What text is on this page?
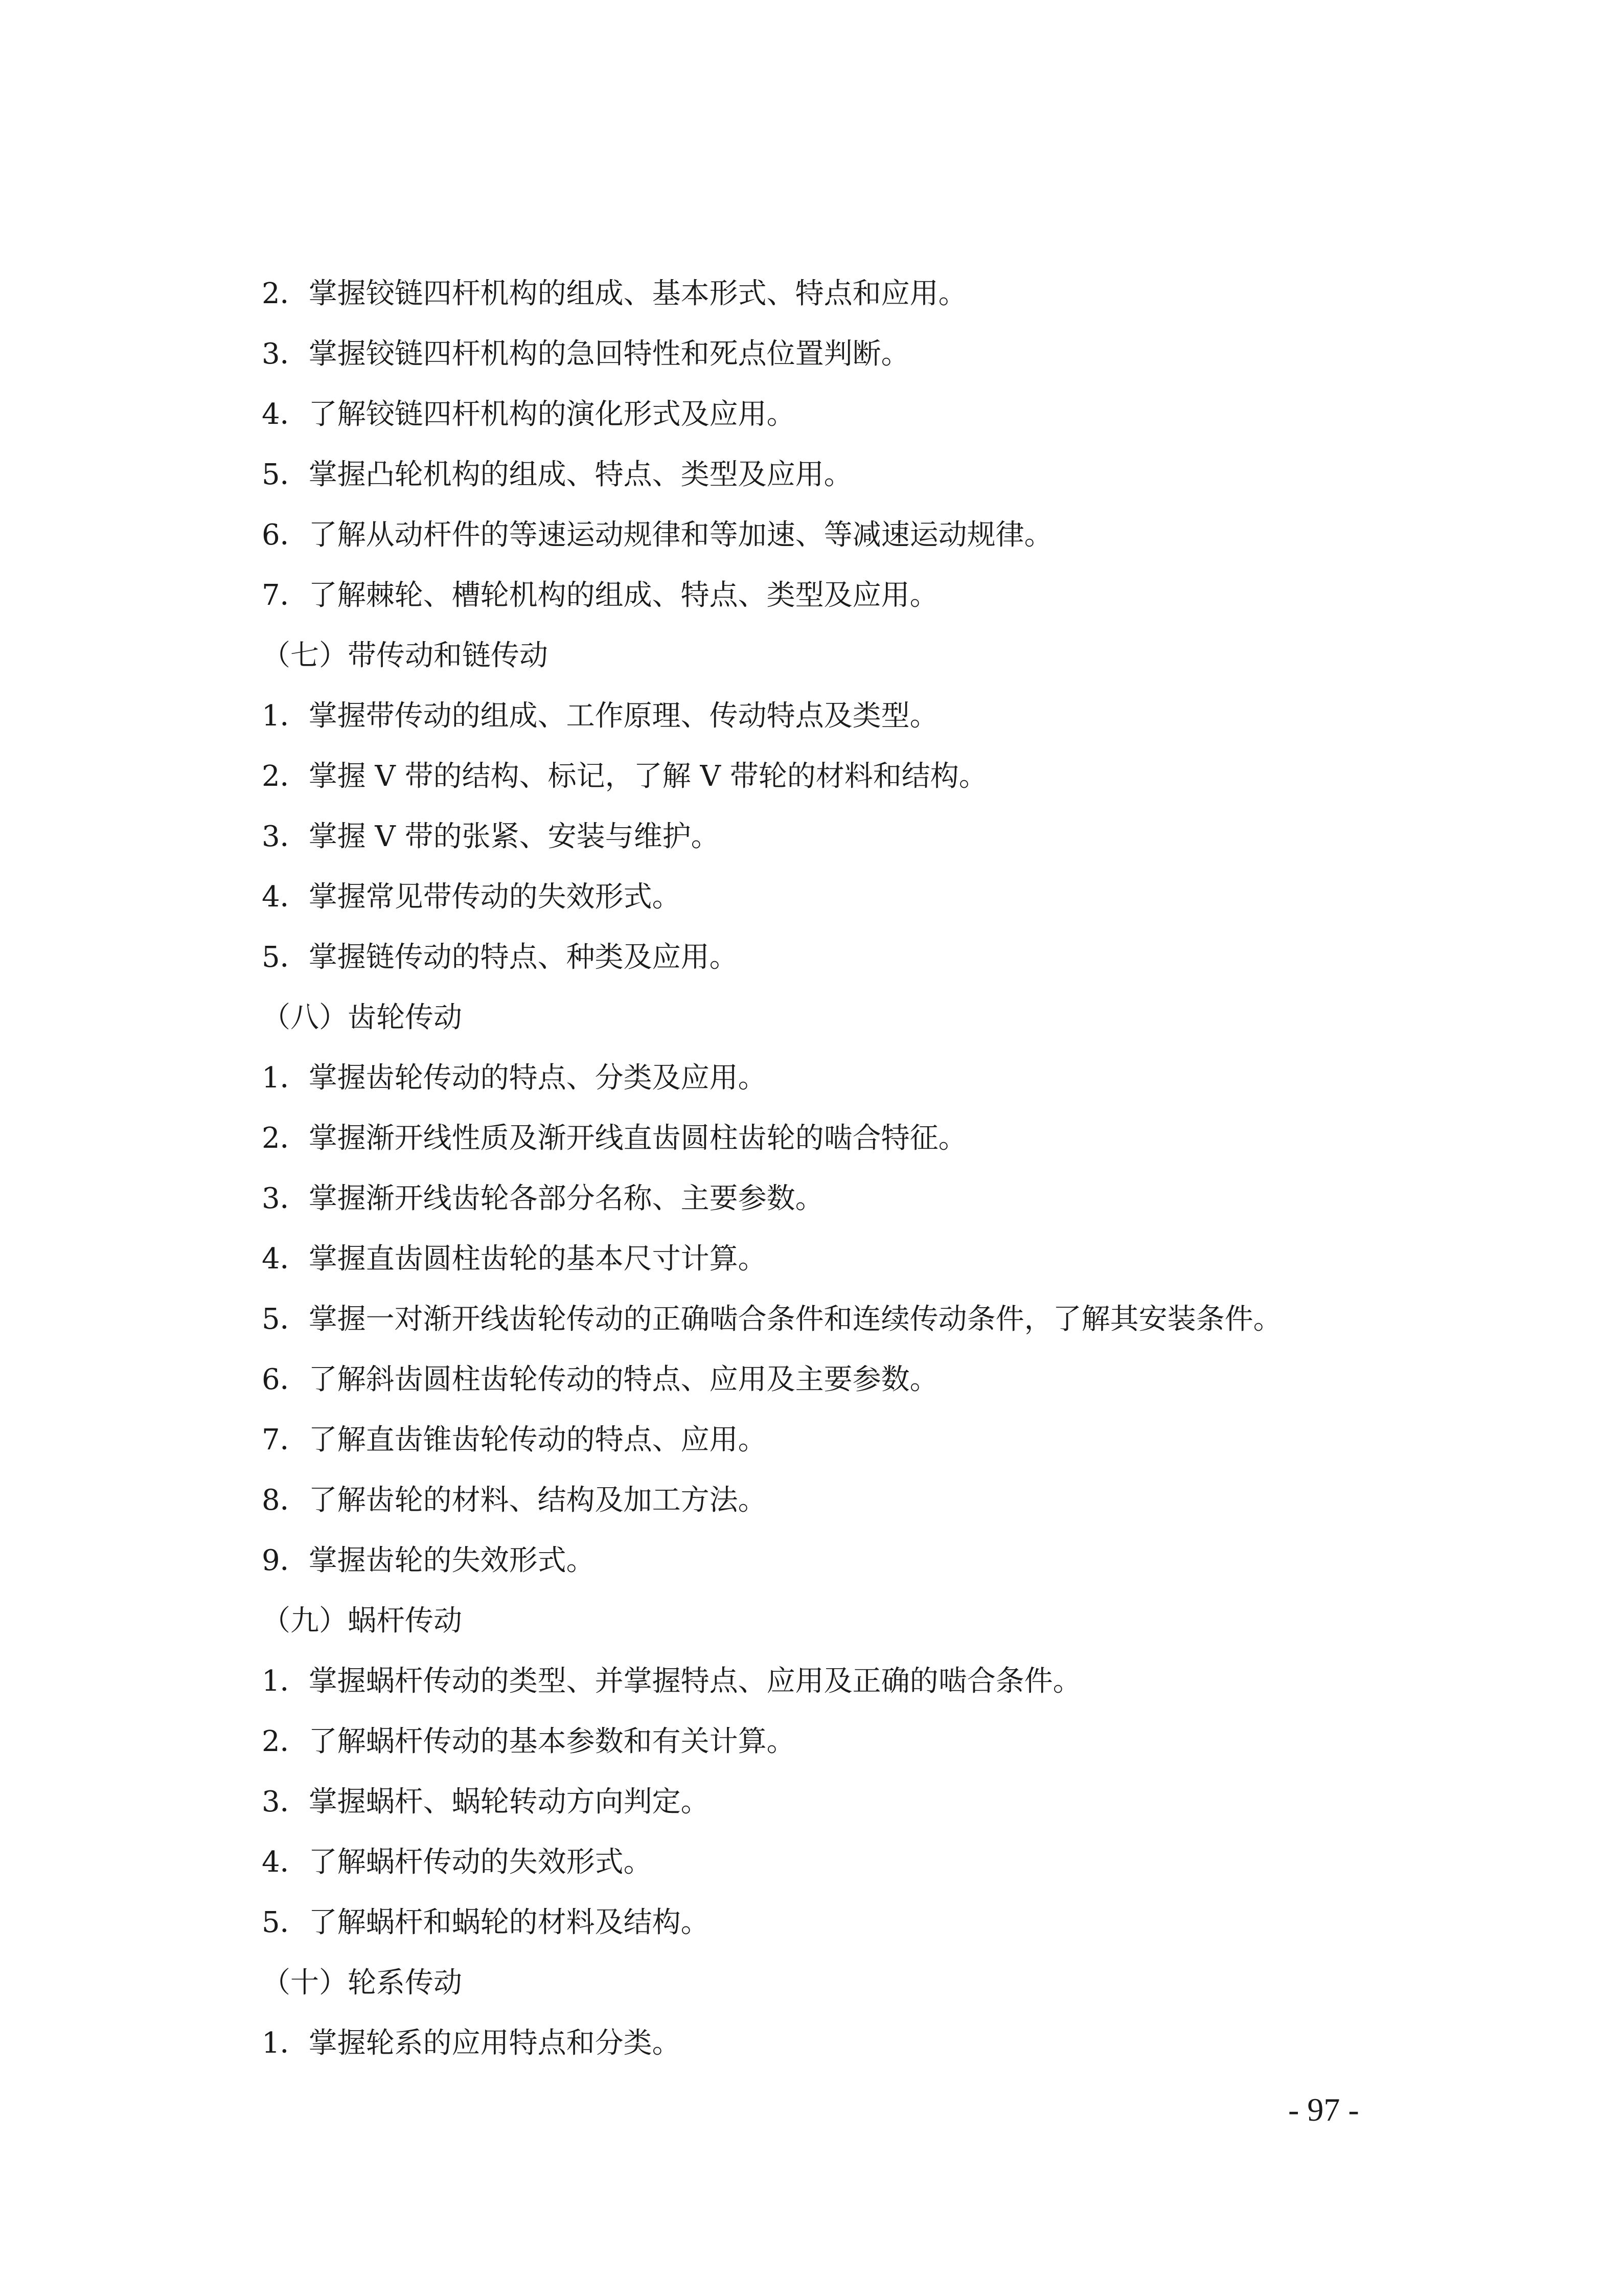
2．掌握铰链四杆机构的组成、基本形式、特点和应用。
3．掌握铰链四杆机构的急回特性和死点位置判断。
4．了解铰链四杆机构的演化形式及应用。
5．掌握凸轮机构的组成、特点、类型及应用。
6．了解从动杆件的等速运动规律和等加速、等减速运动规律。
7．了解棘轮、槽轮机构的组成、特点、类型及应用。
（七）带传动和链传动
1．掌握带传动的组成、工作原理、传动特点及类型。
2．掌握 V 带的结构、标记，了解 V 带轮的材料和结构。
3．掌握 V 带的张紧、安装与维护。
4．掌握常见带传动的失效形式。
5．掌握链传动的特点、种类及应用。
（八）齿轮传动
1．掌握齿轮传动的特点、分类及应用。
2．掌握渐开线性质及渐开线直齿圆柱齿轮的啮合特征。
3．掌握渐开线齿轮各部分名称、主要参数。
4．掌握直齿圆柱齿轮的基本尺寸计算。
5．掌握一对渐开线齿轮传动的正确啮合条件和连续传动条件，了解其安装条件。
6．了解斜齿圆柱齿轮传动的特点、应用及主要参数。
7．了解直齿锥齿轮传动的特点、应用。
8．了解齿轮的材料、结构及加工方法。
9．掌握齿轮的失效形式。
（九）蜗杆传动
1．掌握蜗杆传动的类型、并掌握特点、应用及正确的啮合条件。
2．了解蜗杆传动的基本参数和有关计算。
3．掌握蜗杆、蜗轮转动方向判定。
4．了解蜗杆传动的失效形式。
5．了解蜗杆和蜗轮的材料及结构。
（十）轮系传动
1．掌握轮系的应用特点和分类。
- 97 -
